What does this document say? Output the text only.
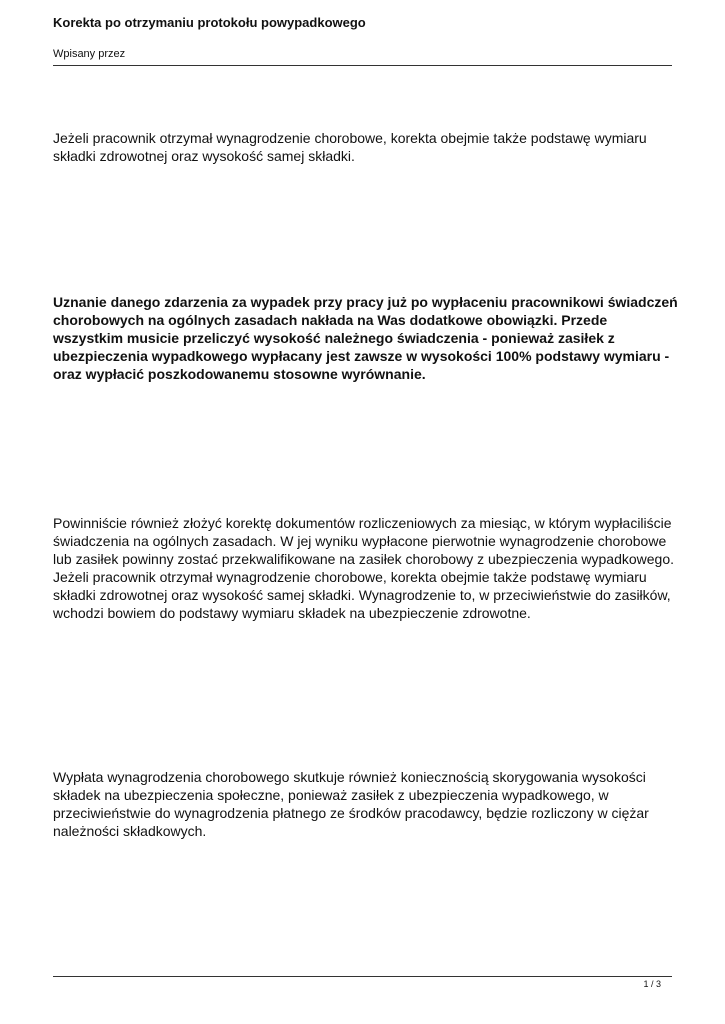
Korekta po otrzymaniu protokołu powypadkowego

Wpisany przez

Jeżeli pracownik otrzymał wynagrodzenie chorobowe, korekta obejmie także podstawę wymiaru składki zdrowotnej oraz wysokość samej składki.

Uznanie danego zdarzenia za wypadek przy pracy już po wypłaceniu pracownikowi świadczeń chorobowych na ogólnych zasadach nakłada na Was dodatkowe obowiązki. Przede wszystkim musicie przeliczyć wysokość należnego świadczenia - ponieważ zasiłek z ubezpieczenia wypadkowego wypłacany jest zawsze w wysokości 100% podstawy wymiaru - oraz wypłacić poszkodowanemu stosowne wyrównanie.

Powinniście również złożyć korektę dokumentów rozliczeniowych za miesiąc, w którym wypłaciliście świadczenia na ogólnych zasadach. W jej wyniku wypłacone pierwotnie wynagrodzenie chorobowe lub zasiłek powinny zostać przekwalifikowane na zasiłek chorobowy z ubezpieczenia wypadkowego. Jeżeli pracownik otrzymał wynagrodzenie chorobowe, korekta obejmie także podstawę wymiaru składki zdrowotnej oraz wysokość samej składki. Wynagrodzenie to, w przeciwieństwie do zasiłków, wchodzi bowiem do podstawy wymiaru składek na ubezpieczenie zdrowotne.

Wypłata wynagrodzenia chorobowego skutkuje również koniecznością skorygowania wysokości składek na ubezpieczenia społeczne, ponieważ zasiłek z ubezpieczenia wypadkowego, w przeciwieństwie do wynagrodzenia płatnego ze środków pracodawcy, będzie rozliczony w ciężar należności składkowych.

1 / 3
